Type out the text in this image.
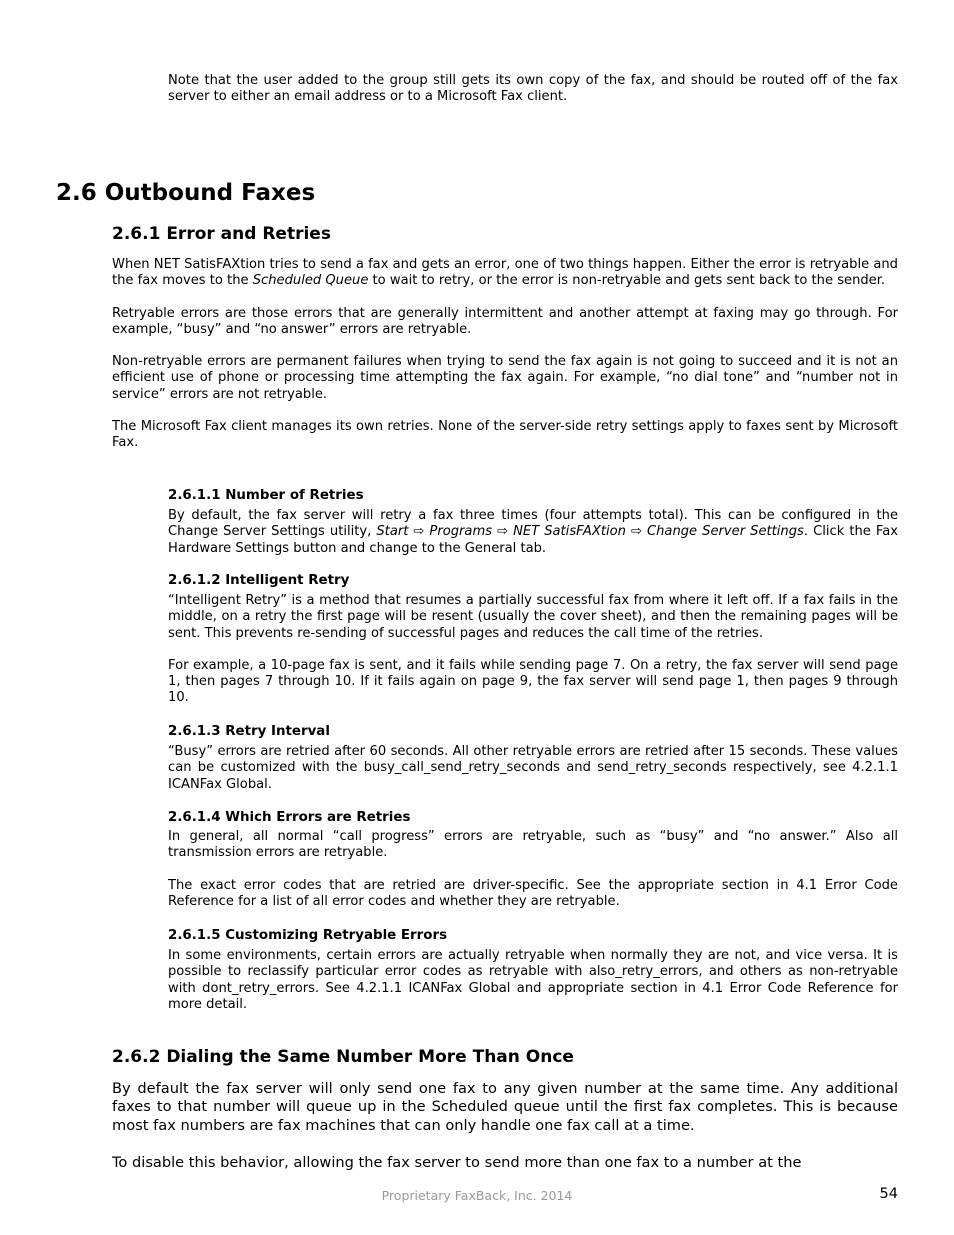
Note that the user added to the group still gets its own copy of the fax, and should be routed off of the fax server to either an email address or to a Microsoft Fax client.

2.6 Outbound Faxes
2.6.1 Error and Retries

When NET SatisFAXtion tries to send a fax and gets an error, one of two things happen. Either the error is retryable and the fax moves to the Scheduled Queue to wait to retry, or the error is non-retryable and gets sent back to the sender.

Retryable errors are those errors that are generally intermittent and another attempt at faxing may go through. For example, “busy” and “no answer” errors are retryable.

Non-retryable errors are permanent failures when trying to send the fax again is not going to succeed and it is not an efficient use of phone or processing time attempting the fax again. For example, “no dial tone” and “number not in service” errors are not retryable.

The Microsoft Fax client manages its own retries. None of the server-side retry settings apply to faxes sent by Microsoft Fax.

2.6.1.1 Number of Retries

By default, the fax server will retry a fax three times (four attempts total). This can be configured in the Change Server Settings utility, Start ⇨ Programs ⇨ NET SatisFAXtion ⇨ Change Server Settings. Click the Fax Hardware Settings button and change to the General tab.

2.6.1.2 Intelligent Retry

“Intelligent Retry” is a method that resumes a partially successful fax from where it left off. If a fax fails in the middle, on a retry the first page will be resent (usually the cover sheet), and then the remaining pages will be sent. This prevents re-sending of successful pages and reduces the call time of the retries.

For example, a 10-page fax is sent, and it fails while sending page 7. On a retry, the fax server will send page 1, then pages 7 through 10. If it fails again on page 9, the fax server will send page 1, then pages 9 through 10.

2.6.1.3 Retry Interval

“Busy” errors are retried after 60 seconds. All other retryable errors are retried after 15 seconds. These values can be customized with the busy_call_send_retry_seconds and send_retry_seconds respectively, see 4.2.1.1 ICANFax Global.

2.6.1.4 Which Errors are Retries

In general, all normal “call progress” errors are retryable, such as “busy” and “no answer.” Also all transmission errors are retryable.

The exact error codes that are retried are driver-specific. See the appropriate section in 4.1 Error Code Reference for a list of all error codes and whether they are retryable.

2.6.1.5 Customizing Retryable Errors

In some environments, certain errors are actually retryable when normally they are not, and vice versa. It is possible to reclassify particular error codes as retryable with also_retry_errors, and others as non-retryable with dont_retry_errors. See 4.2.1.1 ICANFax Global and appropriate section in 4.1 Error Code Reference for more detail.

2.6.2 Dialing the Same Number More Than Once

By default the fax server will only send one fax to any given number at the same time. Any additional faxes to that number will queue up in the Scheduled queue until the first fax completes. This is because most fax numbers are fax machines that can only handle one fax call at a time.

To disable this behavior, allowing the fax server to send more than one fax to a number at the

Proprietary FaxBack, Inc. 2014	54
